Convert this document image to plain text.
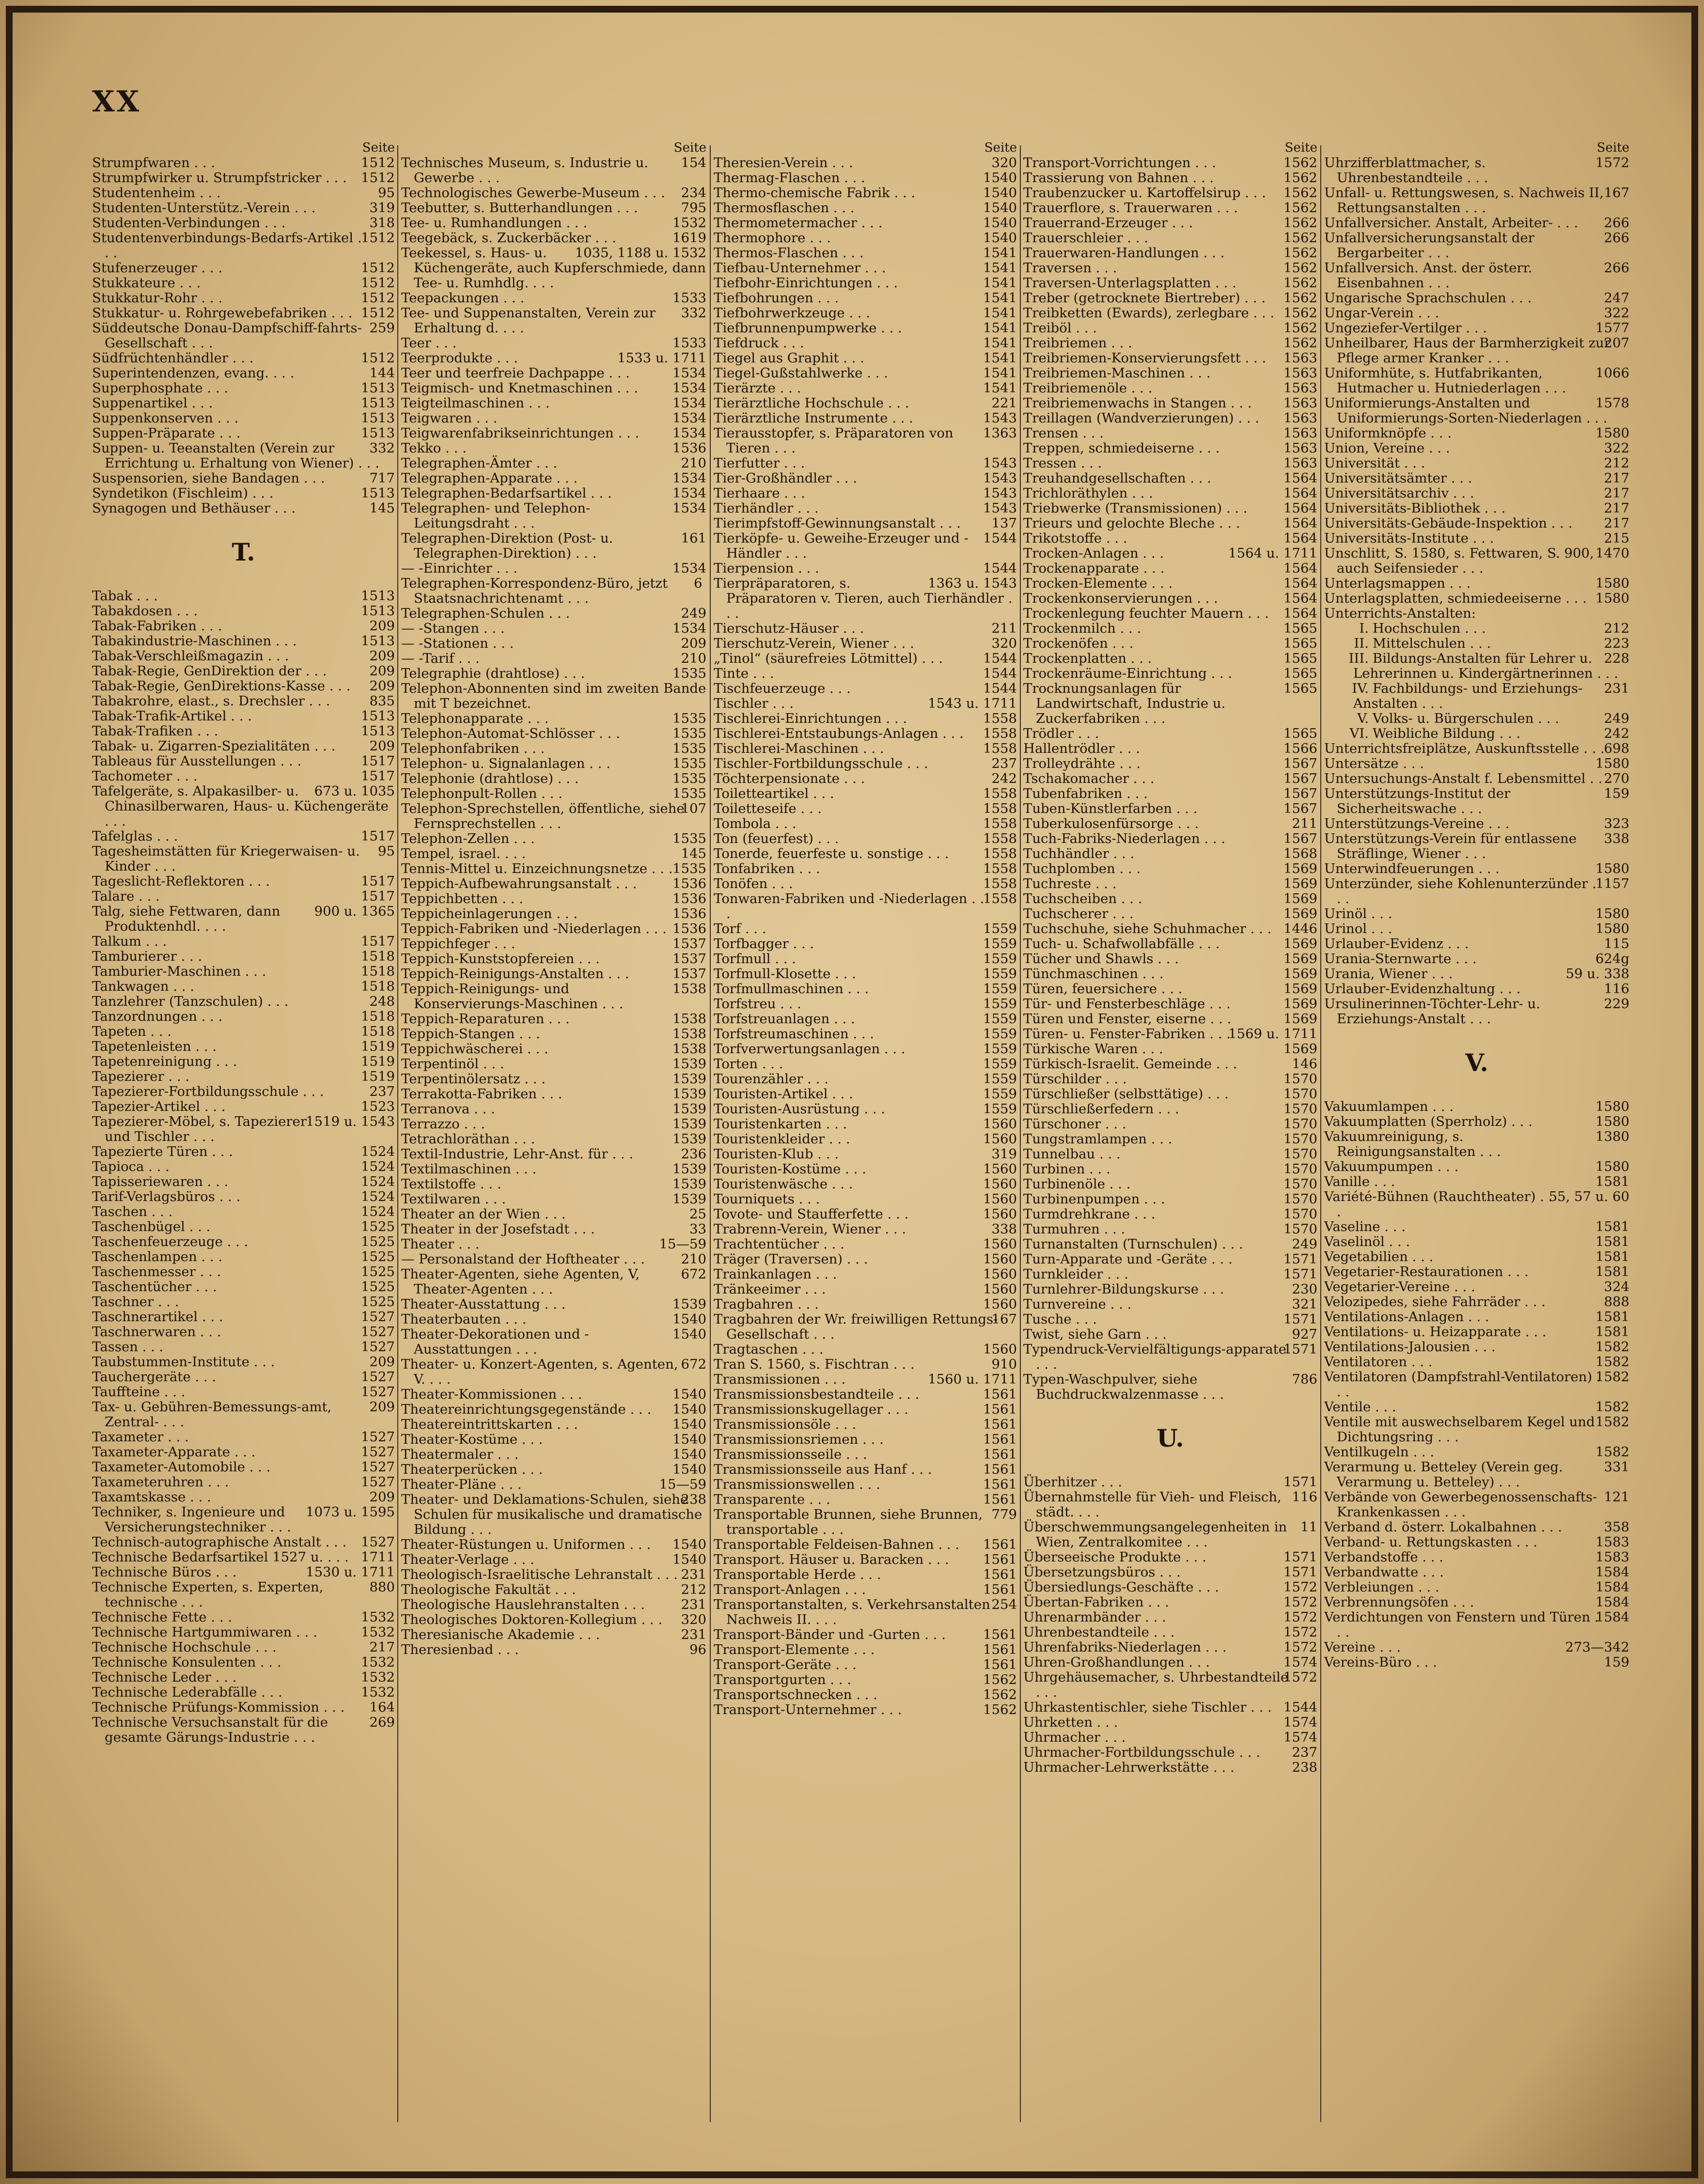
XX
Seite
1512
Strumpfwaren . . .
1512
Strumpfwirker u. Strumpfstricker . . .
95
Studentenheim . . .
319
Studenten-Unterstütz.-Verein . . .
318
Studenten-Verbindungen . . .
1512
Studentenverbindungs-Bedarfs-Artikel . . .
1512
Stufenerzeuger . . .
1512
Stukkateure . . .
1512
Stukkatur-Rohr . . .
1512
Stukkatur- u. Rohrgewebefabriken . . .
259
Süddeutsche Donau-Dampfschiff-fahrts-Gesellschaft . . .
1512
Südfrüchtenhändler . . .
144
Superintendenzen, evang. . . .
1513
Superphosphate . . .
1513
Suppenartikel . . .
1513
Suppenkonserven . . .
1513
Suppen-Präparate . . .
332
Suppen- u. Teeanstalten (Verein zur Errichtung u. Erhaltung von Wiener) . . .
717
Suspensorien, siehe Bandagen . . .
1513
Syndetikon (Fischleim) . . .
145
Synagogen und Bethäuser . . .
T.
1513
Tabak . . .
1513
Tabakdosen . . .
209
Tabak-Fabriken . . .
1513
Tabakindustrie-Maschinen . . .
209
Tabak-Verschleißmagazin . . .
209
Tabak-Regie, GenDirektion der . . .
209
Tabak-Regie, GenDirektions-Kasse . . .
835
Tabakrohre, elast., s. Drechsler . . .
1513
Tabak-Trafik-Artikel . . .
1513
Tabak-Trafiken . . .
209
Tabak- u. Zigarren-Spezialitäten . . .
1517
Tableaus für Ausstellungen . . .
1517
Tachometer . . .
673 u. 1035
Tafelgeräte, s. Alpakasilber- u. Chinasilberwaren, Haus- u. Küchengeräte . . .
1517
Tafelglas . . .
95
Tagesheimstätten für Kriegerwaisen- u. Kinder . . .
1517
Tageslicht-Reflektoren . . .
1517
Talare . . .
900 u. 1365
Talg, siehe Fettwaren, dann Produktenhdl. . . .
1517
Talkum . . .
1518
Tamburierer . . .
1518
Tamburier-Maschinen . . .
1518
Tankwagen . . .
248
Tanzlehrer (Tanzschulen) . . .
1518
Tanzordnungen . . .
1518
Tapeten . . .
1519
Tapetenleisten . . .
1519
Tapetenreinigung . . .
1519
Tapezierer . . .
237
Tapezierer-Fortbildungsschule . . .
1523
Tapezier-Artikel . . .
1519 u. 1543
Tapezierer-Möbel, s. Tapezierer und Tischler . . .
1524
Tapezierte Türen . . .
1524
Tapioca . . .
1524
Tapisseriewaren . . .
1524
Tarif-Verlagsbüros . . .
1524
Taschen . . .
1525
Taschenbügel . . .
1525
Taschenfeuerzeuge . . .
1525
Taschenlampen . . .
1525
Taschenmesser . . .
1525
Taschentücher . . .
1525
Taschner . . .
1527
Taschnerartikel . . .
1527
Taschnerwaren . . .
1527
Tassen . . .
209
Taubstummen-Institute . . .
1527
Tauchergeräte . . .
1527
Tauffteine . . .
209
Tax- u. Gebühren-Bemessungs-amt, Zentral- . . .
1527
Taxameter . . .
1527
Taxameter-Apparate . . .
1527
Taxameter-Automobile . . .
1527
Taxameteruhren . . .
209
Taxamtskasse . . .
1073 u. 1595
Techniker, s. Ingenieure und Versicherungstechniker . . .
1527
Technisch-autographische Anstalt . . .
1711
Technische Bedarfsartikel 1527 u. . . .
1530 u. 1711
Technische Büros . . .
880
Technische Experten, s. Experten, technische . . .
1532
Technische Fette . . .
1532
Technische Hartgummiwaren . . .
217
Technische Hochschule . . .
1532
Technische Konsulenten . . .
1532
Technische Leder . . .
1532
Technische Lederabfälle . . .
164
Technische Prüfungs-Kommission . . .
269
Technische Versuchsanstalt für die gesamte Gärungs-Industrie . . .
Seite
154
Technisches Museum, s. Industrie u. Gewerbe . . .
234
Technologisches Gewerbe-Museum . . .
795
Teebutter, s. Butterhandlungen . . .
1532
Tee- u. Rumhandlungen . . .
1619
Teegebäck, s. Zuckerbäcker . . .
1035, 1188 u. 1532
Teekessel, s. Haus- u. Küchengeräte, auch Kupferschmiede, dann Tee- u. Rumhdlg. . . .
1533
Teepackungen . . .
332
Tee- und Suppenanstalten, Verein zur Erhaltung d. . . .
1533
Teer . . .
1533 u. 1711
Teerprodukte . . .
1534
Teer und teerfreie Dachpappe . . .
1534
Teigmisch- und Knetmaschinen . . .
1534
Teigteilmaschinen . . .
1534
Teigwaren . . .
1534
Teigwarenfabrikseinrichtungen . . .
1536
Tekko . . .
210
Telegraphen-Ämter . . .
1534
Telegraphen-Apparate . . .
1534
Telegraphen-Bedarfsartikel . . .
1534
Telegraphen- und Telephon-Leitungsdraht . . .
161
Telegraphen-Direktion (Post- u. Telegraphen-Direktion) . . .
1534
— -Einrichter . . .
6
Telegraphen-Korrespondenz-Büro, jetzt Staatsnachrichtenamt . . .
249
Telegraphen-Schulen . . .
1534
— -Stangen . . .
209
— -Stationen . . .
210
— -Tarif . . .
1535
Telegraphie (drahtlose) . . .
Telephon-Abonnenten sind im zweiten Bande mit T bezeichnet.
1535
Telephonapparate . . .
1535
Telephon-Automat-Schlösser . . .
1535
Telephonfabriken . . .
1535
Telephon- u. Signalanlagen . . .
1535
Telephonie (drahtlose) . . .
1535
Telephonpult-Rollen . . .
107
Telephon-Sprechstellen, öffentliche, siehe Fernsprechstellen . . .
1535
Telephon-Zellen . . .
145
Tempel, israel. . . .
1535
Tennis-Mittel u. Einzeichnungsnetze . . .
1536
Teppich-Aufbewahrungsanstalt . . .
1536
Teppichbetten . . .
1536
Teppicheinlagerungen . . .
1536
Teppich-Fabriken und -Niederlagen . . .
1537
Teppichfeger . . .
1537
Teppich-Kunststopfereien . . .
1537
Teppich-Reinigungs-Anstalten . . .
1538
Teppich-Reinigungs- und Konservierungs-Maschinen . . .
1538
Teppich-Reparaturen . . .
1538
Teppich-Stangen . . .
1538
Teppichwäscherei . . .
1539
Terpentinöl . . .
1539
Terpentinölersatz . . .
1539
Terrakotta-Fabriken . . .
1539
Terranova . . .
1539
Terrazzo . . .
1539
Tetrachloräthan . . .
236
Textil-Industrie, Lehr-Anst. für . . .
1539
Textilmaschinen . . .
1539
Textilstoffe . . .
1539
Textilwaren . . .
25
Theater an der Wien . . .
33
Theater in der Josefstadt . . .
15—59
Theater . . .
210
— Personalstand der Hoftheater . . .
672
Theater-Agenten, siehe Agenten, V, Theater-Agenten . . .
1539
Theater-Ausstattung . . .
1540
Theaterbauten . . .
1540
Theater-Dekorationen und -Ausstattungen . . .
672
Theater- u. Konzert-Agenten, s. Agenten, V. . . .
1540
Theater-Kommissionen . . .
1540
Theatereinrichtungsgegenstände . . .
1540
Theatereintrittskarten . . .
1540
Theater-Kostüme . . .
1540
Theatermaler . . .
1540
Theaterperücken . . .
15—59
Theater-Pläne . . .
238
Theater- und Deklamations-Schulen, siehe Schulen für musikalische und dramatische Bildung . . .
1540
Theater-Rüstungen u. Uniformen . . .
1540
Theater-Verlage . . .
231
Theologisch-Israelitische Lehranstalt . . .
212
Theologische Fakultät . . .
231
Theologische Hauslehranstalten . . .
320
Theologisches Doktoren-Kollegium . . .
231
Theresianische Akademie . . .
96
Theresienbad . . .
Seite
320
Theresien-Verein . . .
1540
Thermag-Flaschen . . .
1540
Thermo-chemische Fabrik . . .
1540
Thermosflaschen . . .
1540
Thermometermacher . . .
1540
Thermophore . . .
1541
Thermos-Flaschen . . .
1541
Tiefbau-Unternehmer . . .
1541
Tiefbohr-Einrichtungen . . .
1541
Tiefbohrungen . . .
1541
Tiefbohrwerkzeuge . . .
1541
Tiefbrunnenpumpwerke . . .
1541
Tiefdruck . . .
1541
Tiegel aus Graphit . . .
1541
Tiegel-Gußstahlwerke . . .
1541
Tierärzte . . .
221
Tierärztliche Hochschule . . .
1543
Tierärztliche Instrumente . . .
1363
Tierausstopfer, s. Präparatoren von Tieren . . .
1543
Tierfutter . . .
1543
Tier-Großhändler . . .
1543
Tierhaare . . .
1543
Tierhändler . . .
137
Tierimpfstoff-Gewinnungsanstalt . . .
1544
Tierköpfe- u. Geweihe-Erzeuger und -Händler . . .
1544
Tierpension . . .
1363 u. 1543
Tierpräparatoren, s. Präparatoren v. Tieren, auch Tierhändler . . .
211
Tierschutz-Häuser . . .
320
Tierschutz-Verein, Wiener . . .
1544
„Tinol“ (säurefreies Lötmittel) . . .
1544
Tinte . . .
1544
Tischfeuerzeuge . . .
1543 u. 1711
Tischler . . .
1558
Tischlerei-Einrichtungen . . .
1558
Tischlerei-Entstaubungs-Anlagen . . .
1558
Tischlerei-Maschinen . . .
237
Tischler-Fortbildungsschule . . .
242
Töchterpensionate . . .
1558
Toiletteartikel . . .
1558
Toiletteseife . . .
1558
Tombola . . .
1558
Ton (feuerfest) . . .
1558
Tonerde, feuerfeste u. sonstige . . .
1558
Tonfabriken . . .
1558
Tonöfen . . .
1558
Tonwaren-Fabriken und -Niederlagen . . .
1559
Torf . . .
1559
Torfbagger . . .
1559
Torfmull . . .
1559
Torfmull-Klosette . . .
1559
Torfmullmaschinen . . .
1559
Torfstreu . . .
1559
Torfstreuanlagen . . .
1559
Torfstreumaschinen . . .
1559
Torfverwertungsanlagen . . .
1559
Torten . . .
1559
Tourenzähler . . .
1559
Touristen-Artikel . . .
1559
Touristen-Ausrüstung . . .
1560
Touristenkarten . . .
1560
Touristenkleider . . .
319
Touristen-Klub . . .
1560
Touristen-Kostüme . . .
1560
Touristenwäsche . . .
1560
Tourniquets . . .
1560
Tovote- und Staufferfette . . .
338
Trabrenn-Verein, Wiener . . .
1560
Trachtentücher . . .
1560
Träger (Traversen) . . .
1560
Trainkanlagen . . .
1560
Tränkeeimer . . .
1560
Tragbahren . . .
167
Tragbahren der Wr. freiwilligen Rettungs-Gesellschaft . . .
1560
Tragtaschen . . .
910
Tran S. 1560, s. Fischtran . . .
1560 u. 1711
Transmissionen . . .
1561
Transmissionsbestandteile . . .
1561
Transmissionskugellager . . .
1561
Transmissionsöle . . .
1561
Transmissionsriemen . . .
1561
Transmissionsseile . . .
1561
Transmissionsseile aus Hanf . . .
1561
Transmissionswellen . . .
1561
Transparente . . .
779
Transportable Brunnen, siehe Brunnen, transportable . . .
1561
Transportable Feldeisen-Bahnen . . .
1561
Transport. Häuser u. Baracken . . .
1561
Transportable Herde . . .
1561
Transport-Anlagen . . .
254
Transportanstalten, s. Verkehrsanstalten Nachweis II. . . .
1561
Transport-Bänder und -Gurten . . .
1561
Transport-Elemente . . .
1561
Transport-Geräte . . .
1562
Transportgurten . . .
1562
Transportschnecken . . .
1562
Transport-Unternehmer . . .
Seite
1562
Transport-Vorrichtungen . . .
1562
Trassierung von Bahnen . . .
1562
Traubenzucker u. Kartoffelsirup . . .
1562
Trauerflore, s. Trauerwaren . . .
1562
Trauerrand-Erzeuger . . .
1562
Trauerschleier . . .
1562
Trauerwaren-Handlungen . . .
1562
Traversen . . .
1562
Traversen-Unterlagsplatten . . .
1562
Treber (getrocknete Biertreber) . . .
1562
Treibketten (Ewards), zerlegbare . . .
1562
Treiböl . . .
1562
Treibriemen . . .
1563
Treibriemen-Konservierungsfett . . .
1563
Treibriemen-Maschinen . . .
1563
Treibriemenöle . . .
1563
Treibriemenwachs in Stangen . . .
1563
Treillagen (Wandverzierungen) . . .
1563
Trensen . . .
1563
Treppen, schmiedeiserne . . .
1563
Tressen . . .
1564
Treuhandgesellschaften . . .
1564
Trichloräthylen . . .
1564
Triebwerke (Transmissionen) . . .
1564
Trieurs und gelochte Bleche . . .
1564
Trikotstoffe . . .
1564 u. 1711
Trocken-Anlagen . . .
1564
Trockenapparate . . .
1564
Trocken-Elemente . . .
1564
Trockenkonservierungen . . .
1564
Trockenlegung feuchter Mauern . . .
1565
Trockenmilch . . .
1565
Trockenöfen . . .
1565
Trockenplatten . . .
1565
Trockenräume-Einrichtung . . .
1565
Trocknungsanlagen für Landwirtschaft, Industrie u. Zuckerfabriken . . .
1565
Trödler . . .
1566
Hallentrödler . . .
1567
Trolleydrähte . . .
1567
Tschakomacher . . .
1567
Tubenfabriken . . .
1567
Tuben-Künstlerfarben . . .
211
Tuberkulosenfürsorge . . .
1567
Tuch-Fabriks-Niederlagen . . .
1568
Tuchhändler . . .
1569
Tuchplomben . . .
1569
Tuchreste . . .
1569
Tuchscheiben . . .
1569
Tuchscherer . . .
1446
Tuchschuhe, siehe Schuhmacher . . .
1569
Tuch- u. Schafwollabfälle . . .
1569
Tücher und Shawls . . .
1569
Tünchmaschinen . . .
1569
Türen, feuersichere . . .
1569
Tür- und Fensterbeschläge . . .
1569
Türen und Fenster, eiserne . . .
1569 u. 1711
Türen- u. Fenster-Fabriken . . .
1569
Türkische Waren . . .
146
Türkisch-Israelit. Gemeinde . . .
1570
Türschilder . . .
1570
Türschließer (selbsttätige) . . .
1570
Türschließerfedern . . .
1570
Türschoner . . .
1570
Tungstramlampen . . .
1570
Tunnelbau . . .
1570
Turbinen . . .
1570
Turbinenöle . . .
1570
Turbinenpumpen . . .
1570
Turmdrehkrane . . .
1570
Turmuhren . . .
249
Turnanstalten (Turnschulen) . . .
1571
Turn-Apparate und -Geräte . . .
1571
Turnkleider . . .
230
Turnlehrer-Bildungskurse . . .
321
Turnvereine . . .
1571
Tusche . . .
927
Twist, siehe Garn . . .
1571
Typendruck-Vervielfältigungs-apparate . . .
786
Typen-Waschpulver, siehe Buchdruckwalzenmasse . . .
U.
1571
Überhitzer . . .
116
Übernahmstelle für Vieh- und Fleisch, städt. . . .
11
Überschwemmungsangelegenheiten in Wien, Zentralkomitee . . .
1571
Überseeische Produkte . . .
1571
Übersetzungsbüros . . .
1572
Übersiedlungs-Geschäfte . . .
1572
Übertan-Fabriken . . .
1572
Uhrenarmbänder . . .
1572
Uhrenbestandteile . . .
1572
Uhrenfabriks-Niederlagen . . .
1574
Uhren-Großhandlungen . . .
1572
Uhrgehäusemacher, s. Uhrbestandteile . . .
1544
Uhrkastentischler, siehe Tischler . . .
1574
Uhrketten . . .
1574
Uhrmacher . . .
237
Uhrmacher-Fortbildungsschule . . .
238
Uhrmacher-Lehrwerkstätte . . .
Seite
1572
Uhrzifferblattmacher, s. Uhrenbestandteile . . .
167
Unfall- u. Rettungswesen, s. Nachweis II, Rettungsanstalten . . .
266
Unfallversicher. Anstalt, Arbeiter- . . .
266
Unfallversicherungsanstalt der Bergarbeiter . . .
266
Unfallversich. Anst. der österr. Eisenbahnen . . .
247
Ungarische Sprachschulen . . .
322
Ungar-Verein . . .
1577
Ungeziefer-Vertilger . . .
207
Unheilbarer, Haus der Barmherzigkeit zur Pflege armer Kranker . . .
1066
Uniformhüte, s. Hutfabrikanten, Hutmacher u. Hutniederlagen . . .
1578
Uniformierungs-Anstalten und Uniformierungs-Sorten-Niederlagen . . .
1580
Uniformknöpfe . . .
322
Union, Vereine . . .
212
Universität . . .
217
Universitätsämter . . .
217
Universitätsarchiv . . .
217
Universitäts-Bibliothek . . .
217
Universitäts-Gebäude-Inspektion . . .
215
Universitäts-Institute . . .
1470
Unschlitt, S. 1580, s. Fettwaren, S. 900, auch Seifensieder . . .
1580
Unterlagsmappen . . .
1580
Unterlagsplatten, schmiedeeiserne . . .
Unterrichts-Anstalten:
212
I. Hochschulen . . .
223
II. Mittelschulen . . .
228
III. Bildungs-Anstalten für Lehrer u. Lehrerinnen u. Kindergärtnerinnen . . .
231
IV. Fachbildungs- und Erziehungs-Anstalten . . .
249
V. Volks- u. Bürgerschulen . . .
242
VI. Weibliche Bildung . . .
698
Unterrichtsfreiplätze, Auskunftsstelle . . .
1580
Untersätze . . .
270
Untersuchungs-Anstalt f. Lebensmittel . . .
159
Unterstützungs-Institut der Sicherheitswache . . .
323
Unterstützungs-Vereine . . .
338
Unterstützungs-Verein für entlassene Sträflinge, Wiener . . .
1580
Unterwindfeuerungen . . .
1157
Unterzünder, siehe Kohlenunterzünder . . .
1580
Urinöl . . .
1580
Urinol . . .
115
Urlauber-Evidenz . . .
624g
Urania-Sternwarte . . .
59 u. 338
Urania, Wiener . . .
116
Urlauber-Evidenzhaltung . . .
229
Ursulinerinnen-Töchter-Lehr- u. Erziehungs-Anstalt . . .
V.
1580
Vakuumlampen . . .
1580
Vakuumplatten (Sperrholz) . . .
1380
Vakuumreinigung, s. Reinigungsanstalten . . .
1580
Vakuumpumpen . . .
1581
Vanille . . .
55, 57 u. 60
Variété-Bühnen (Rauchtheater) . . .
1581
Vaseline . . .
1581
Vaselinöl . . .
1581
Vegetabilien . . .
1581
Vegetarier-Restaurationen . . .
324
Vegetarier-Vereine . . .
888
Velozipedes, siehe Fahrräder . . .
1581
Ventilations-Anlagen . . .
1581
Ventilations- u. Heizapparate . . .
1582
Ventilations-Jalousien . . .
1582
Ventilatoren . . .
1582
Ventilatoren (Dampfstrahl-Ventilatoren) . . .
1582
Ventile . . .
1582
Ventile mit auswechselbarem Kegel und Dichtungsring . . .
1582
Ventilkugeln . . .
331
Verarmung u. Betteley (Verein geg. Verarmung u. Betteley) . . .
121
Verbände von Gewerbegenossenschafts-Krankenkassen . . .
358
Verband d. österr. Lokalbahnen . . .
1583
Verband- u. Rettungskasten . . .
1583
Verbandstoffe . . .
1584
Verbandwatte . . .
1584
Verbleiungen . . .
1584
Verbrennungsöfen . . .
1584
Verdichtungen von Fenstern und Türen . . .
273—342
Vereine . . .
159
Vereins-Büro . . .
